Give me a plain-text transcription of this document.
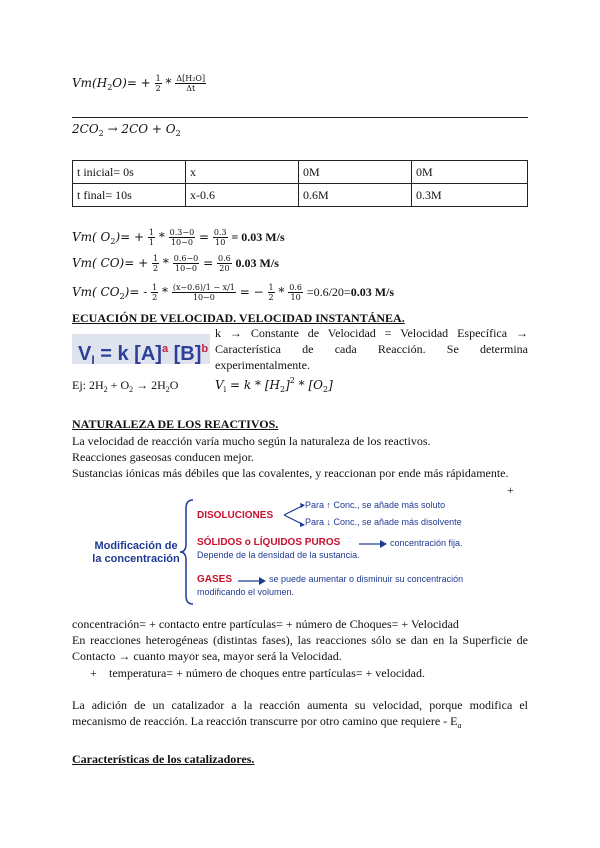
$Vm(H_2O)= + \frac{1}{2} * \frac{\text{Δ[H₂O]}}{\Delta t}$
$2CO_2 \to 2CO + O_2$
t inicial= 0s	x	0M	0M
t final= 10s	x-0.6	0.6M	0.3M
Vm( $O_2)= + \frac{1}{1} * \frac{0.3-0}{10-0} = \frac{0.3}{10} = 0.03$ M/s
Vm( $CO)= + \frac{1}{2} * \frac{0.6-0}{10-0} = \frac{0.6}{20} 0.03$ M/s
Vm( $CO_2)= - \frac{1}{2} * \frac{(x-0.6)/1 - x/1}{10-0}$ = − $\frac{1}{2} * \frac{0.6}{10} =0.6/20=0.03$ M/s
ECUACIÓN DE VELOCIDAD. VELOCIDAD INSTANTÁNEA.
$V_I = k$ $[A]^a$ $[B]^b$
k → Constante de Velocidad = Velocidad Específica → Característica de cada Reacción. Se determina experimentalmente.
Ej: $2H_2 + O_2 \to 2H_2O$	$V_i = k * [H_2]^2 * [O_2]$
NATURALEZA DE LOS REACTIVOS.
La velocidad de reacción varía mucho según la naturaleza de los reactivos.
Reacciones gaseosas conducen mejor.
Sustancias iónicas más débiles que las covalentes, y reaccionan por ende más rápidamente.
+
Modificación de
la concentración
DISOLUCIONES
Para ↑ Conc., se añade más soluto
Para ↓ Conc., se añade más disolvente
SÓLIDOS o LÍQUIDOS PUROS	concentración fija.
Depende de la densidad de la sustancia.
GASES	se puede aumentar o disminuir su concentración
modificando el volumen.
concentración= + contacto entre partículas= + número de Choques= + Velocidad
En reacciones heterogéneas (distintas fases), las reacciones sólo se dan en la Superficie de Contacto → cuanto mayor sea, mayor será la Velocidad.
+ temperatura= + número de choques entre partículas= + velocidad.
La adición de un catalizador a la reacción aumenta su velocidad, porque modifica el mecanismo de reacción. La reacción transcurre por otro camino que requiere - $E_a$
Características de los catalizadores.
